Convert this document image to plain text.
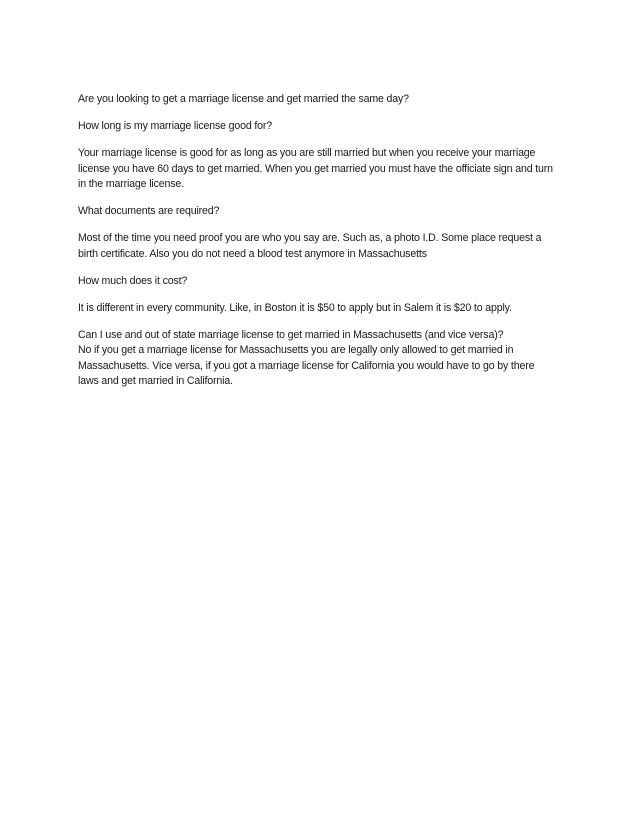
Are you looking to get a marriage license and get married the same day?

How long is my marriage license good for?

Your marriage license is good for as long as you are still married but when you receive your marriage license you have 60 days to get married. When you get married you must have the officiate sign and turn in the marriage license.

What documents are required?

Most of the time you need proof you are who you say are. Such as, a photo I.D. Some place request a birth certificate. Also you do not need a blood test anymore in Massachusetts

How much does it cost?

It is different in every community. Like, in Boston it is $50 to apply but in Salem it is $20 to apply.

Can I use and out of state marriage license to get married in Massachusetts (and vice versa)?

No if you get a marriage license for Massachusetts you are legally only allowed to get married in Massachusetts. Vice versa, if you got a marriage license for California you would have to go by there laws and get married in California.
